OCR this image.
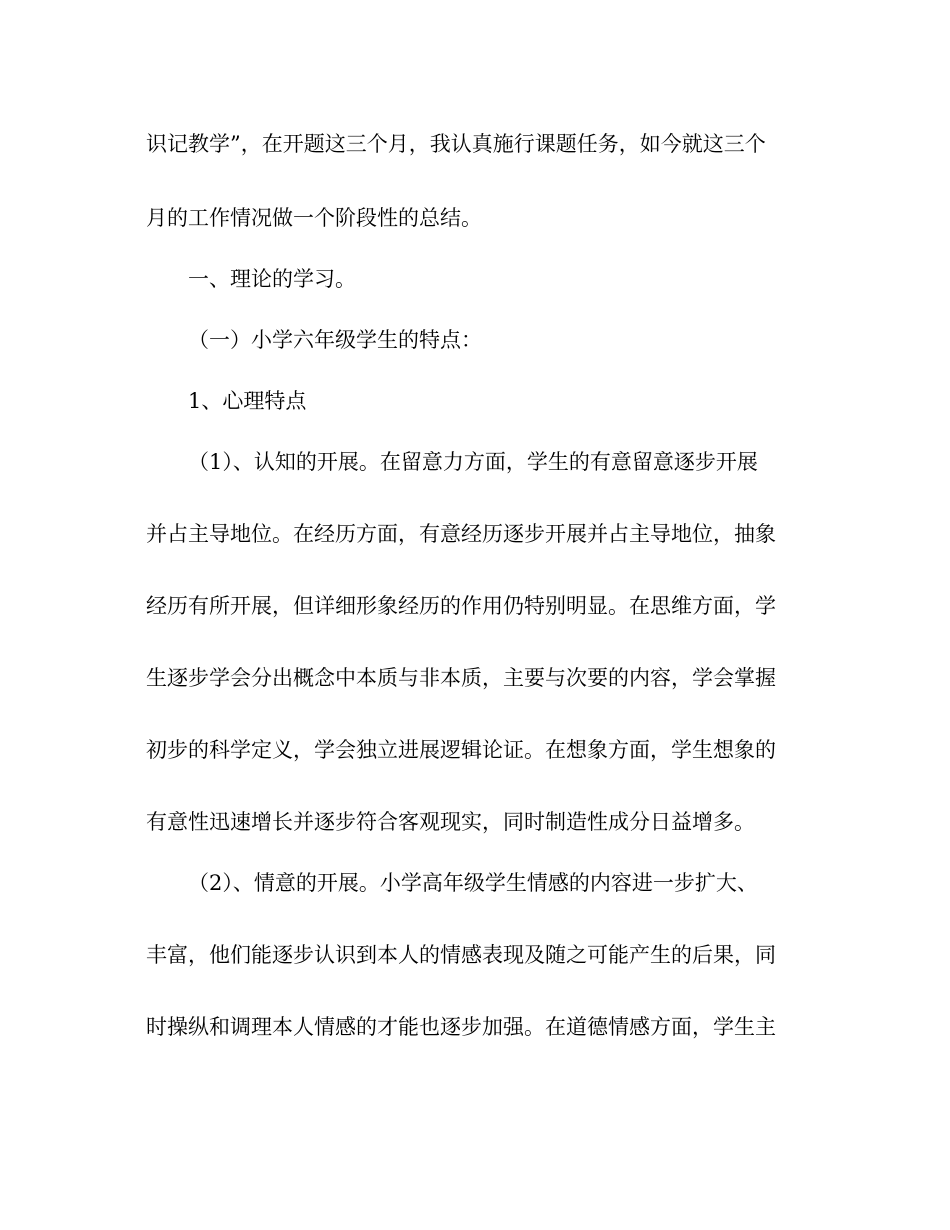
识记教学”，在开题这三个月，我认真施行课题任务，如今就这三个
月的工作情况做一个阶段性的总结。
一、理论的学习。
（一）小学六年级学生的特点：
1、心理特点
（1）、认知的开展。在留意力方面，学生的有意留意逐步开展
并占主导地位。在经历方面，有意经历逐步开展并占主导地位，抽象
经历有所开展，但详细形象经历的作用仍特别明显。在思维方面，学
生逐步学会分出概念中本质与非本质，主要与次要的内容，学会掌握
初步的科学定义，学会独立进展逻辑论证。在想象方面，学生想象的
有意性迅速增长并逐步符合客观现实，同时制造性成分日益增多。
（2）、情意的开展。小学高年级学生情感的内容进一步扩大、
丰富，他们能逐步认识到本人的情感表现及随之可能产生的后果，同
时操纵和调理本人情感的才能也逐步加强。在道德情感方面，学生主
